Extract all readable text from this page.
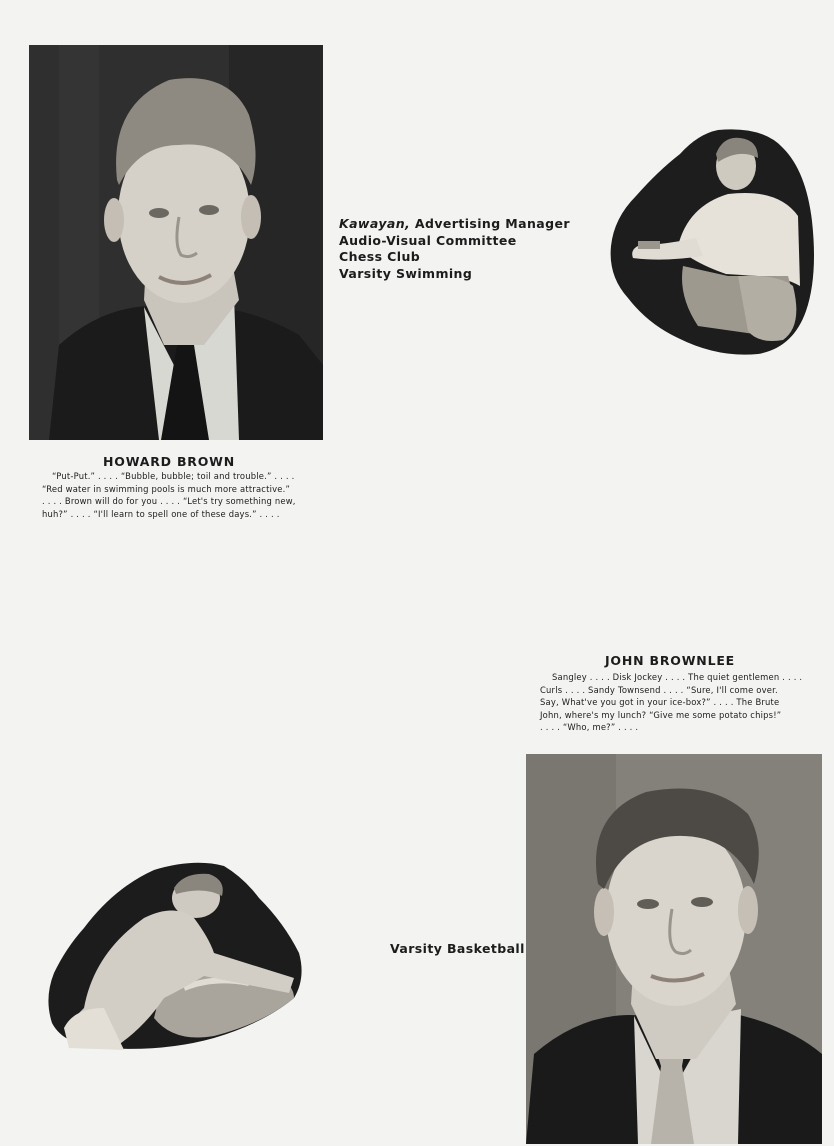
Kawayan, Advertising Manager
Audio-Visual Committee
Chess Club
Varsity Swimming
HOWARD BROWN
“Put-Put.” . . . . “Bubble, bubble; toil and trouble.” . . . .
“Red water in swimming pools is much more attractive.”
. . . . Brown will do for you . . . . “Let's try something new,
huh?” . . . . “I'll learn to spell one of these days.” . . . .
JOHN BROWNLEE
Sangley . . . . Disk Jockey . . . . The quiet gentlemen . . . .
Curls . . . . Sandy Townsend . . . . “Sure, I'll come over.
Say, What've you got in your ice-box?” . . . . The Brute
John, where's my lunch? “Give me some potato chips!”
. . . . “Who, me?” . . . .
Varsity Basketball
